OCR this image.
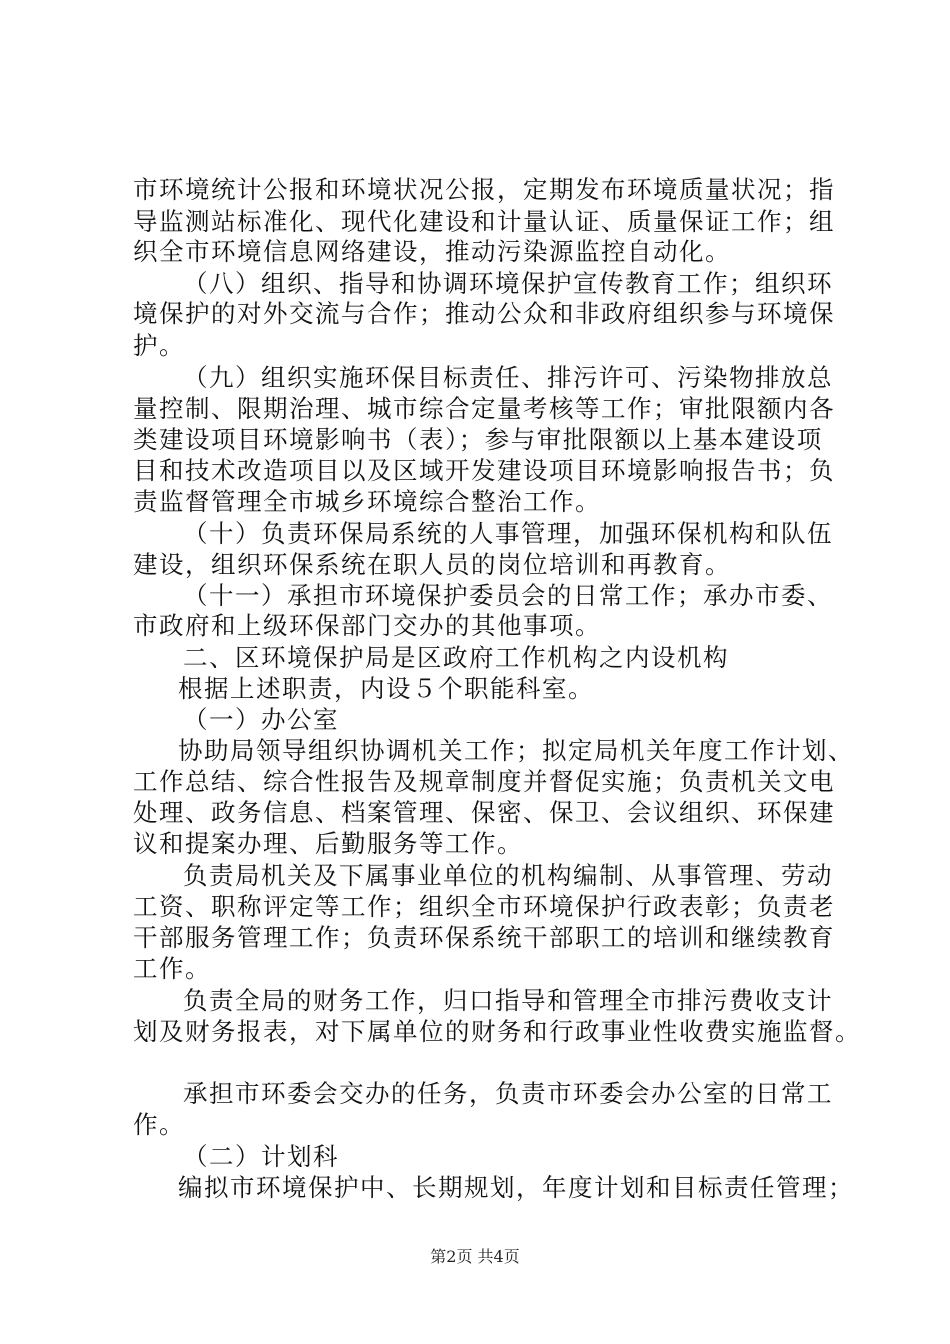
市环境统计公报和环境状况公报，定期发布环境质量状况；指
导监测站标准化、现代化建设和计量认证、质量保证工作；组
织全市环境信息网络建设，推动污染源监控自动化。
（八）组织、指导和协调环境保护宣传教育工作；组织环
境保护的对外交流与合作；推动公众和非政府组织参与环境保
护。
（九）组织实施环保目标责任、排污许可、污染物排放总
量控制、限期治理、城市综合定量考核等工作；审批限额内各
类建设项目环境影响书（表）；参与审批限额以上基本建设项
目和技术改造项目以及区域开发建设项目环境影响报告书；负
责监督管理全市城乡环境综合整治工作。
（十）负责环保局系统的人事管理，加强环保机构和队伍
建设，组织环保系统在职人员的岗位培训和再教育。
（十一）承担市环境保护委员会的日常工作；承办市委、
市政府和上级环保部门交办的其他事项。
二、区环境保护局是区政府工作机构之内设机构
根据上述职责，内设５个职能科室。
（一）办公室
协助局领导组织协调机关工作；拟定局机关年度工作计划、
工作总结、综合性报告及规章制度并督促实施；负责机关文电
处理、政务信息、档案管理、保密、保卫、会议组织、环保建
议和提案办理、后勤服务等工作。
负责局机关及下属事业单位的机构编制、从事管理、劳动
工资、职称评定等工作；组织全市环境保护行政表彰；负责老
干部服务管理工作；负责环保系统干部职工的培训和继续教育
工作。
负责全局的财务工作，归口指导和管理全市排污费收支计
划及财务报表，对下属单位的财务和行政事业性收费实施监督。
承担市环委会交办的任务，负责市环委会办公室的日常工
作。
（二）计划科
编拟市环境保护中、长期规划，年度计划和目标责任管理；
第2页 共4页
